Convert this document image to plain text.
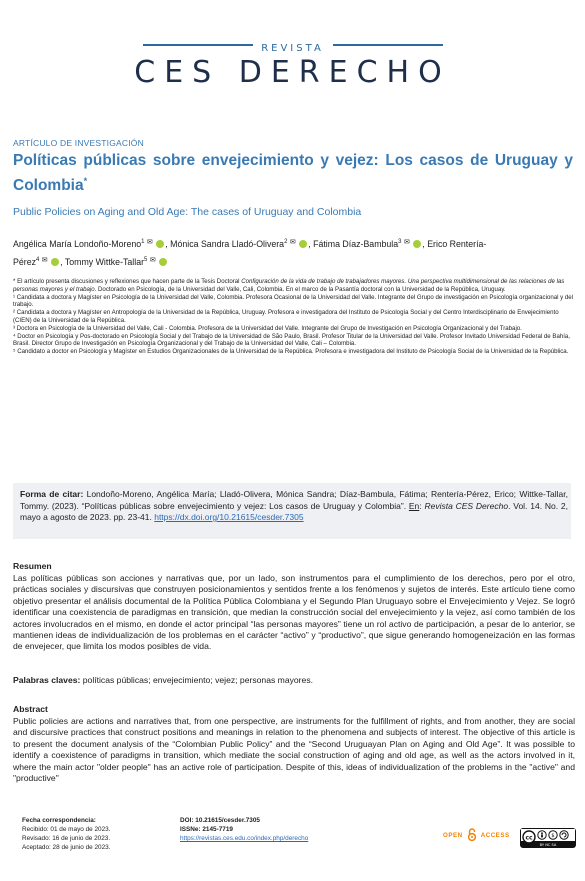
REVISTA
CES DERECHO
ARTÍCULO DE INVESTIGACIÓN
Políticas públicas sobre envejecimiento y vejez: Los casos de Uruguay y Colombia*
Public Policies on Aging and Old Age: The cases of Uruguay and Colombia
Angélica María Londoño-Moreno$^1$ ✉ , Mónica Sandra Lladó-Olivera$^2$ ✉ , Fátima Díaz-Bambula$^3$ ✉ , Erico Rentería-
Pérez$^4$ ✉ , Tommy Wittke-Tallar$^5$ ✉

* El artículo presenta discusiones y reflexiones que hacen parte de la Tesis Doctoral Configuración de la vida de trabajo de trabajadores mayores. Una perspectiva multidimensional de las relaciones de las personas mayores y el trabajo. Doctorado en Psicología, de la Universidad del Valle, Cali, Colombia. En el marco de la Pasantía doctoral con la Universidad de la República, Uruguay.

¹ Candidata a doctora y Magíster en Psicología de la Universidad del Valle, Colombia. Profesora Ocasional de la Universidad del Valle. Integrante del Grupo de investigación en Psicología organizacional y del trabajo.

² Candidata a doctora y Magíster en Antropología de la Universidad de la República, Uruguay. Profesora e investigadora del Instituto de Psicología Social y del Centro Interdisciplinario de Envejecimiento (CIEN) de la Universidad de la República.

³ Doctora en Psicología de la Universidad del Valle, Cali - Colombia. Profesora de la Universidad del Valle. Integrante del Grupo de Investigación en Psicología Organizacional y del Trabajo.

⁴ Doctor en Psicología y Pos-doctorado en Psicología Social y del Trabajo de la Universidad de São Paulo, Brasil. Profesor Titular de la Universidad del Valle. Profesor Invitado Universidad Federal de Bahía, Brasil. Director Grupo de Investigación en Psicología Organizacional y del Trabajo de la Universidad del Valle, Cali – Colombia.

⁵ Candidato a doctor en Psicología y Magíster en Estudios Organizacionales de la Universidad de la República. Profesora e investigadora del Instituto de Psicología Social de la Universidad de la República.

Forma de citar: Londoño-Moreno, Angélica María; Lladó-Olivera, Mónica Sandra; Díaz-Bambula, Fátima; Rentería-Pérez, Erico; Wittke-Tallar, Tommy. (2023). “Políticas públicas sobre envejecimiento y vejez: Los casos de Uruguay y Colombia”. En: Revista CES Derecho. Vol. 14. No. 2, mayo a agosto de 2023. pp. 23-41. https://dx.doi.org/10.21615/cesder.7305
Resumen
Las políticas públicas son acciones y narrativas que, por un lado, son instrumentos para el cumplimiento de los derechos, pero por el otro, prácticas sociales y discursivas que construyen posicionamientos y sentidos frente a los fenómenos y sujetos de interés. Este artículo tiene como objetivo presentar el análisis documental de la Política Pública Colombiana y el Segundo Plan Uruguayo sobre el Envejecimiento y Vejez. Se logró identificar una coexistencia de paradigmas en transición, que median la construcción social del envejecimiento y la vejez, así como también de los actores involucrados en el mismo, en donde el actor principal “las personas mayores” tiene un rol activo de participación, a pesar de lo anterior, se mantienen ideas de individualización de los problemas en el carácter “activo” y “productivo”, que sigue generando homogeneización en las formas de envejecer, que limita los modos posibles de vida.
Palabras claves: políticas públicas; envejecimiento; vejez; personas mayores.
Abstract
Public policies are actions and narratives that, from one perspective, are instruments for the fulfillment of rights, and from another, they are social and discursive practices that construct positions and meanings in relation to the phenomena and subjects of interest. The objective of this article is to present the document analysis of the “Colombian Public Policy” and the “Second Uruguayan Plan on Aging and Old Age”. It was possible to identify a coexistence of paradigms in transition, which mediate the social construction of aging and old age, as well as the actors involved in it, where the main actor "older people" has an active role of participation. Despite of this, ideas of individualization of the problems in the "active" and "productive"
Fecha correspondencia:
Recibido: 01 de mayo de 2023.
Revisado: 16 de junio de 2023.
Aceptado: 28 de junio de 2023.
DOI: 10.21615/cesder.7305
ISSNe: 2145-7719
https://revistas.ces.edu.co/index.php/derecho	OPEN	ACCESS	cc	$
BY NC SA
